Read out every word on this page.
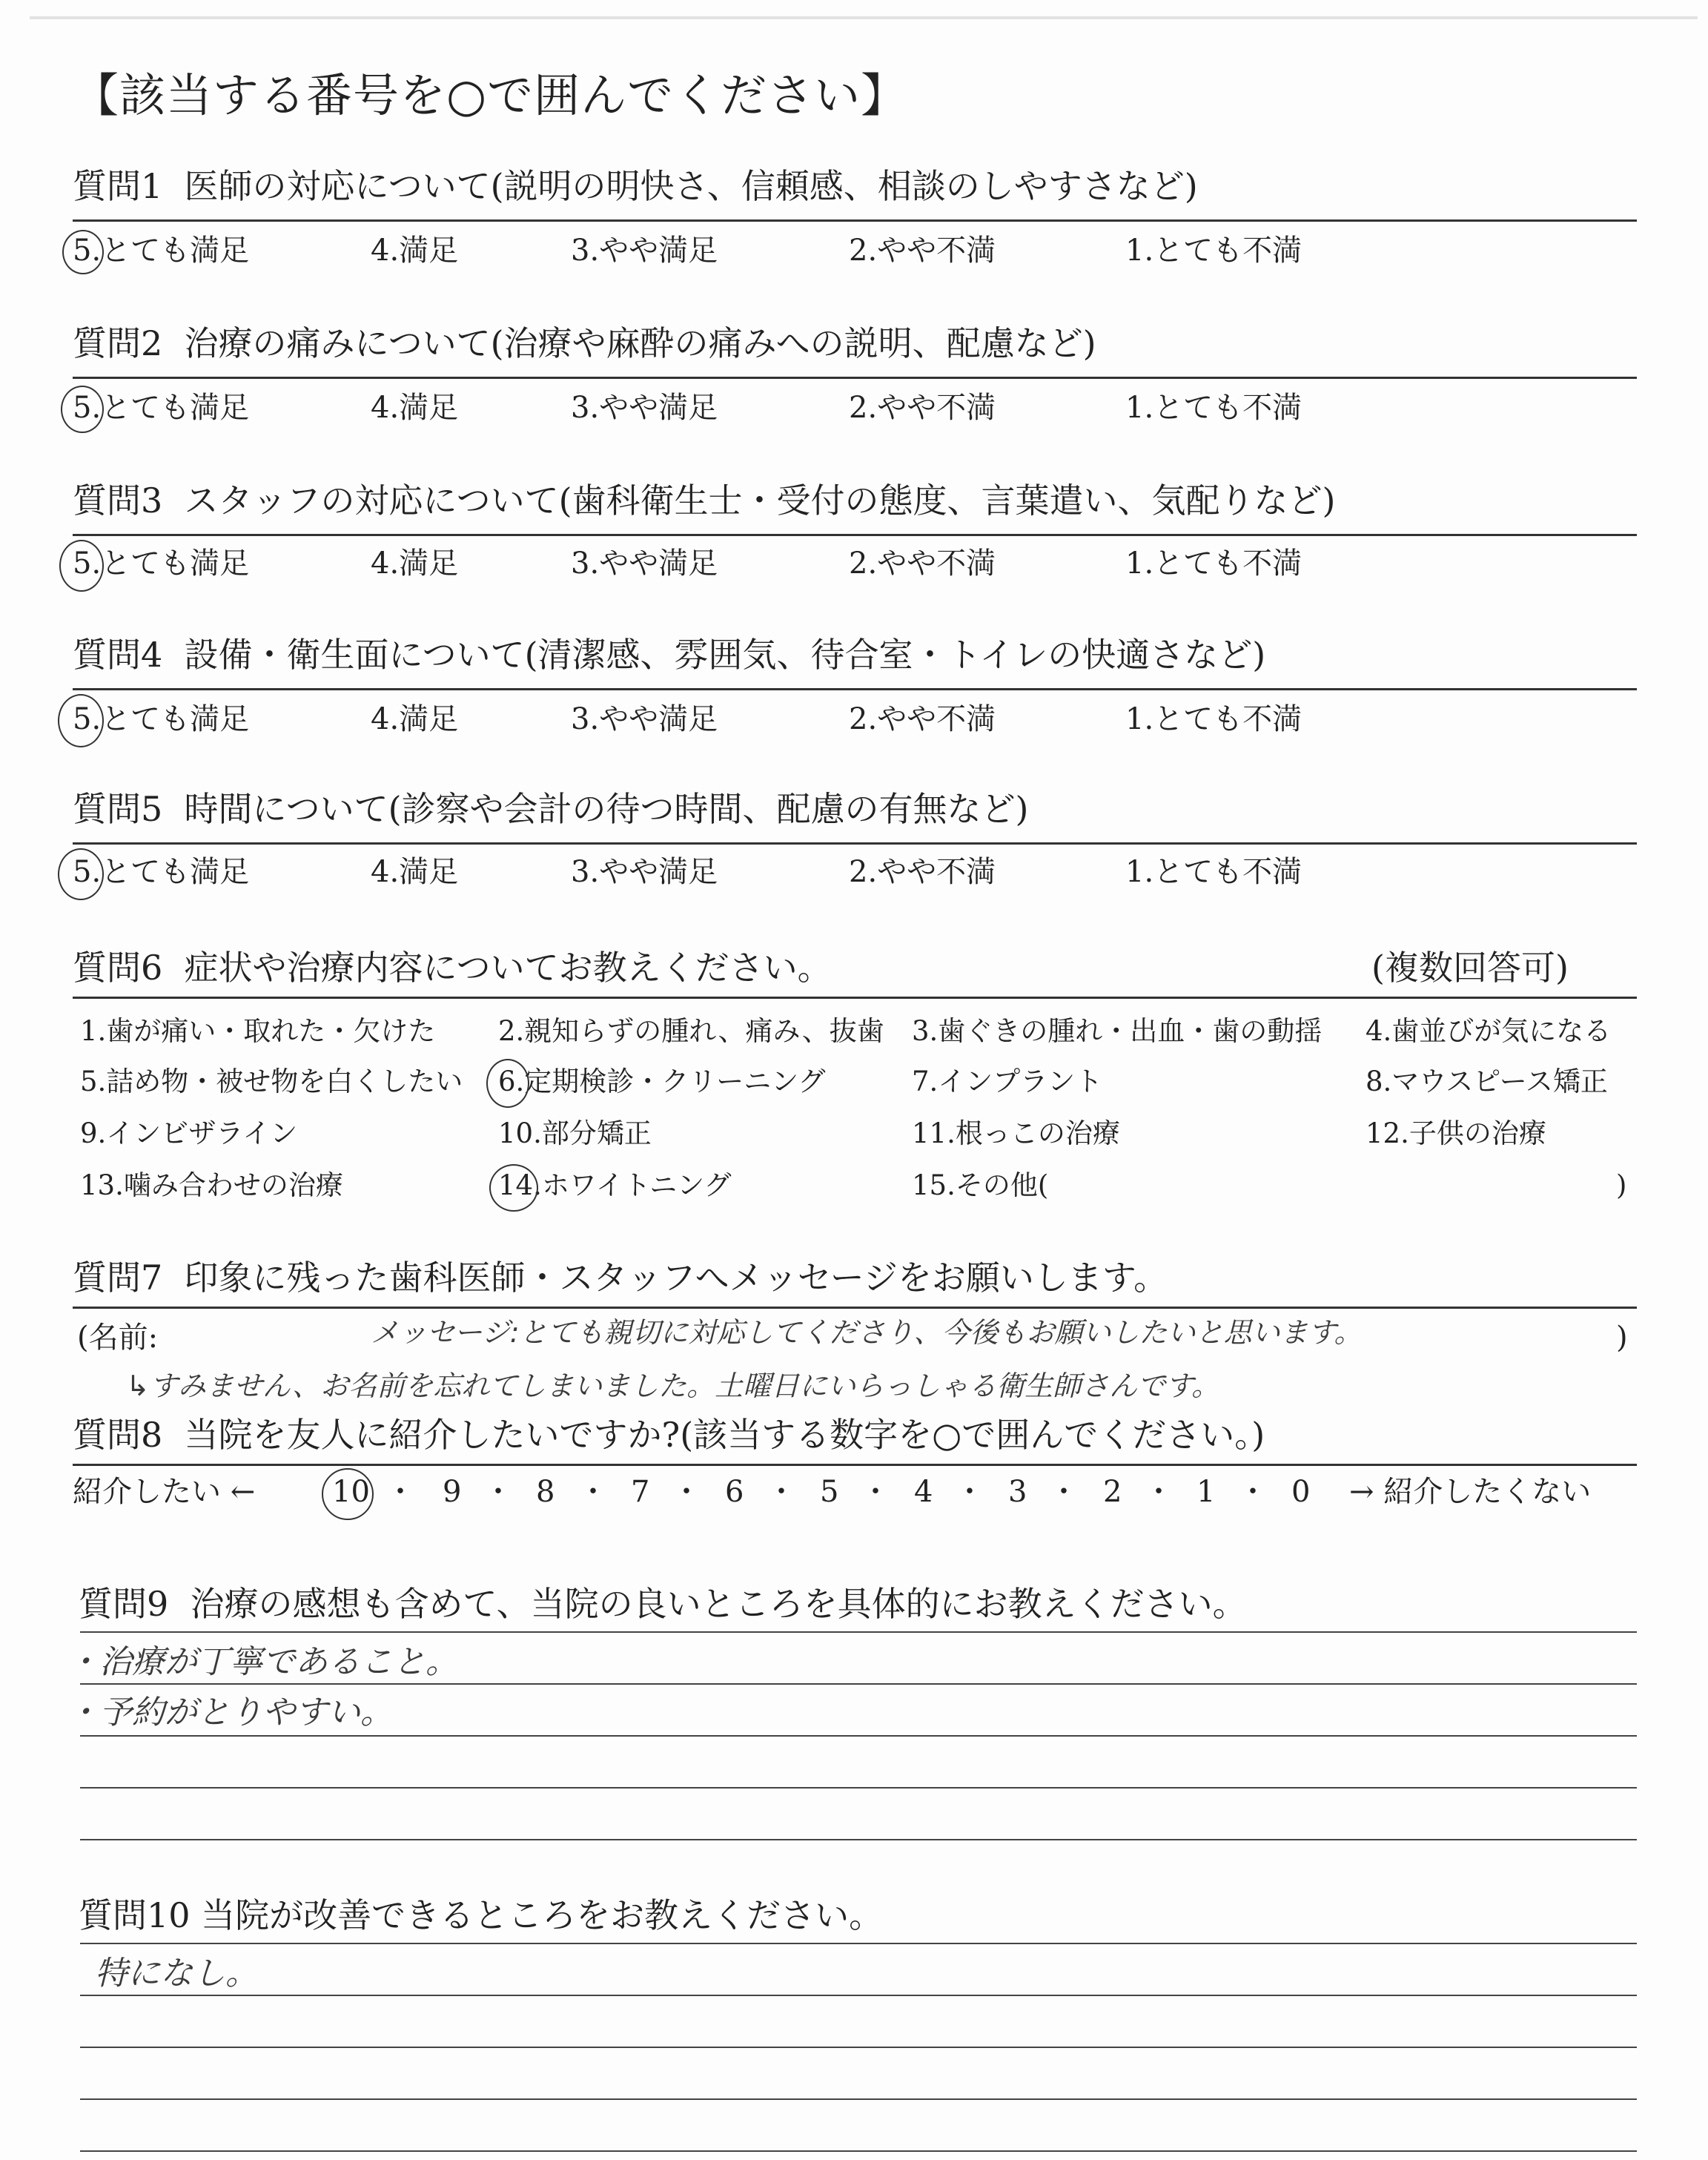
【該当する番号を○で囲んでください】
質問1 医師の対応について(説明の明快さ、信頼感、相談のしやすさなど)
5.とても満足	4.満足	3.やや満足	2.やや不満	1.とても不満
質問2 治療の痛みについて(治療や麻酔の痛みへの説明、配慮など)
5.とても満足	4.満足	3.やや満足	2.やや不満	1.とても不満
質問3 スタッフの対応について(歯科衛生士・受付の態度、言葉遣い、気配りなど)
5.とても満足	4.満足	3.やや満足	2.やや不満	1.とても不満
質問4 設備・衛生面について(清潔感、雰囲気、待合室・トイレの快適さなど)
5.とても満足	4.満足	3.やや満足	2.やや不満	1.とても不満
質問5 時間について(診察や会計の待つ時間、配慮の有無など)
5.とても満足	4.満足	3.やや満足	2.やや不満	1.とても不満
質問6 症状や治療内容についてお教えください。	(複数回答可)
1.歯が痛い・取れた・欠けた 2.親知らずの腫れ、痛み、抜歯 3.歯ぐきの腫れ・出血・歯の動揺 4.歯並びが気になる
5.詰め物・被せ物を白くしたい 6.定期検診・クリーニング	7.インプラント	8.マウスピース矯正
9.インビザライン	10.部分矯正	11.根っこの治療	12.子供の治療
13.噛み合わせの治療	14.ホワイトニング	15.その他(	)
質問7 印象に残った歯科医師・スタッフへメッセージをお願いします。
(名前:	)
メッセージ:とても親切に対応してくださり、今後もお願いしたいと思います。
↳すみません、お名前を忘れてしまいました。土曜日にいらっしゃる衛生師さんです。
質問8 当院を友人に紹介したいですか?(該当する数字を○で囲んでください。)
紹介したい ←	→ 紹介したくない
10 ・ 9 ・ 8 ・ 7 ・ 6 ・ 5 ・ 4 ・ 3 ・ 2 ・ 1 ・ 0
質問9 治療の感想も含めて、当院の良いところを具体的にお教えください。
・治療が丁寧であること。
・予約がとりやすい。
質問10 当院が改善できるところをお教えください。
特になし。
